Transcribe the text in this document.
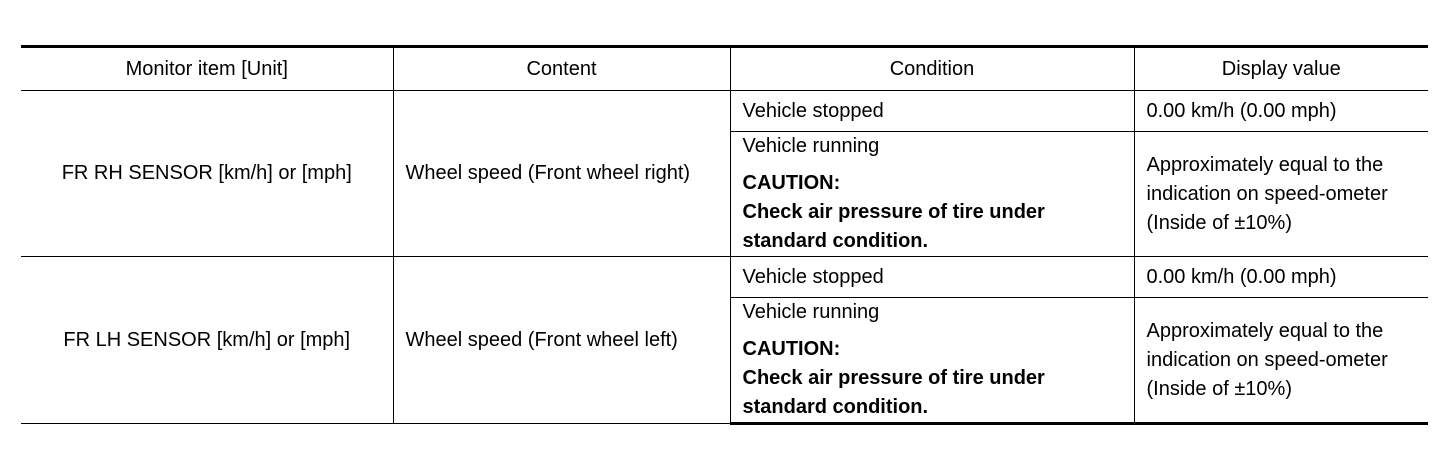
Monitor item [Unit]	Content	Condition	Display value
FR RH SENSOR [km/h] or [mph]	Wheel speed (Front wheel right)	Vehicle stopped	0.00 km/h (0.00 mph)

		Vehicle running
CAUTION:
Check air pressure of tire under standard condition.	Approximately equal to the indication on speed-ometer (Inside of ±10%)
FR LH SENSOR [km/h] or [mph]	Wheel speed (Front wheel left)	Vehicle stopped	0.00 km/h (0.00 mph)

		Vehicle running
CAUTION:
Check air pressure of tire under standard condition.	Approximately equal to the indication on speed-ometer (Inside of ±10%)
